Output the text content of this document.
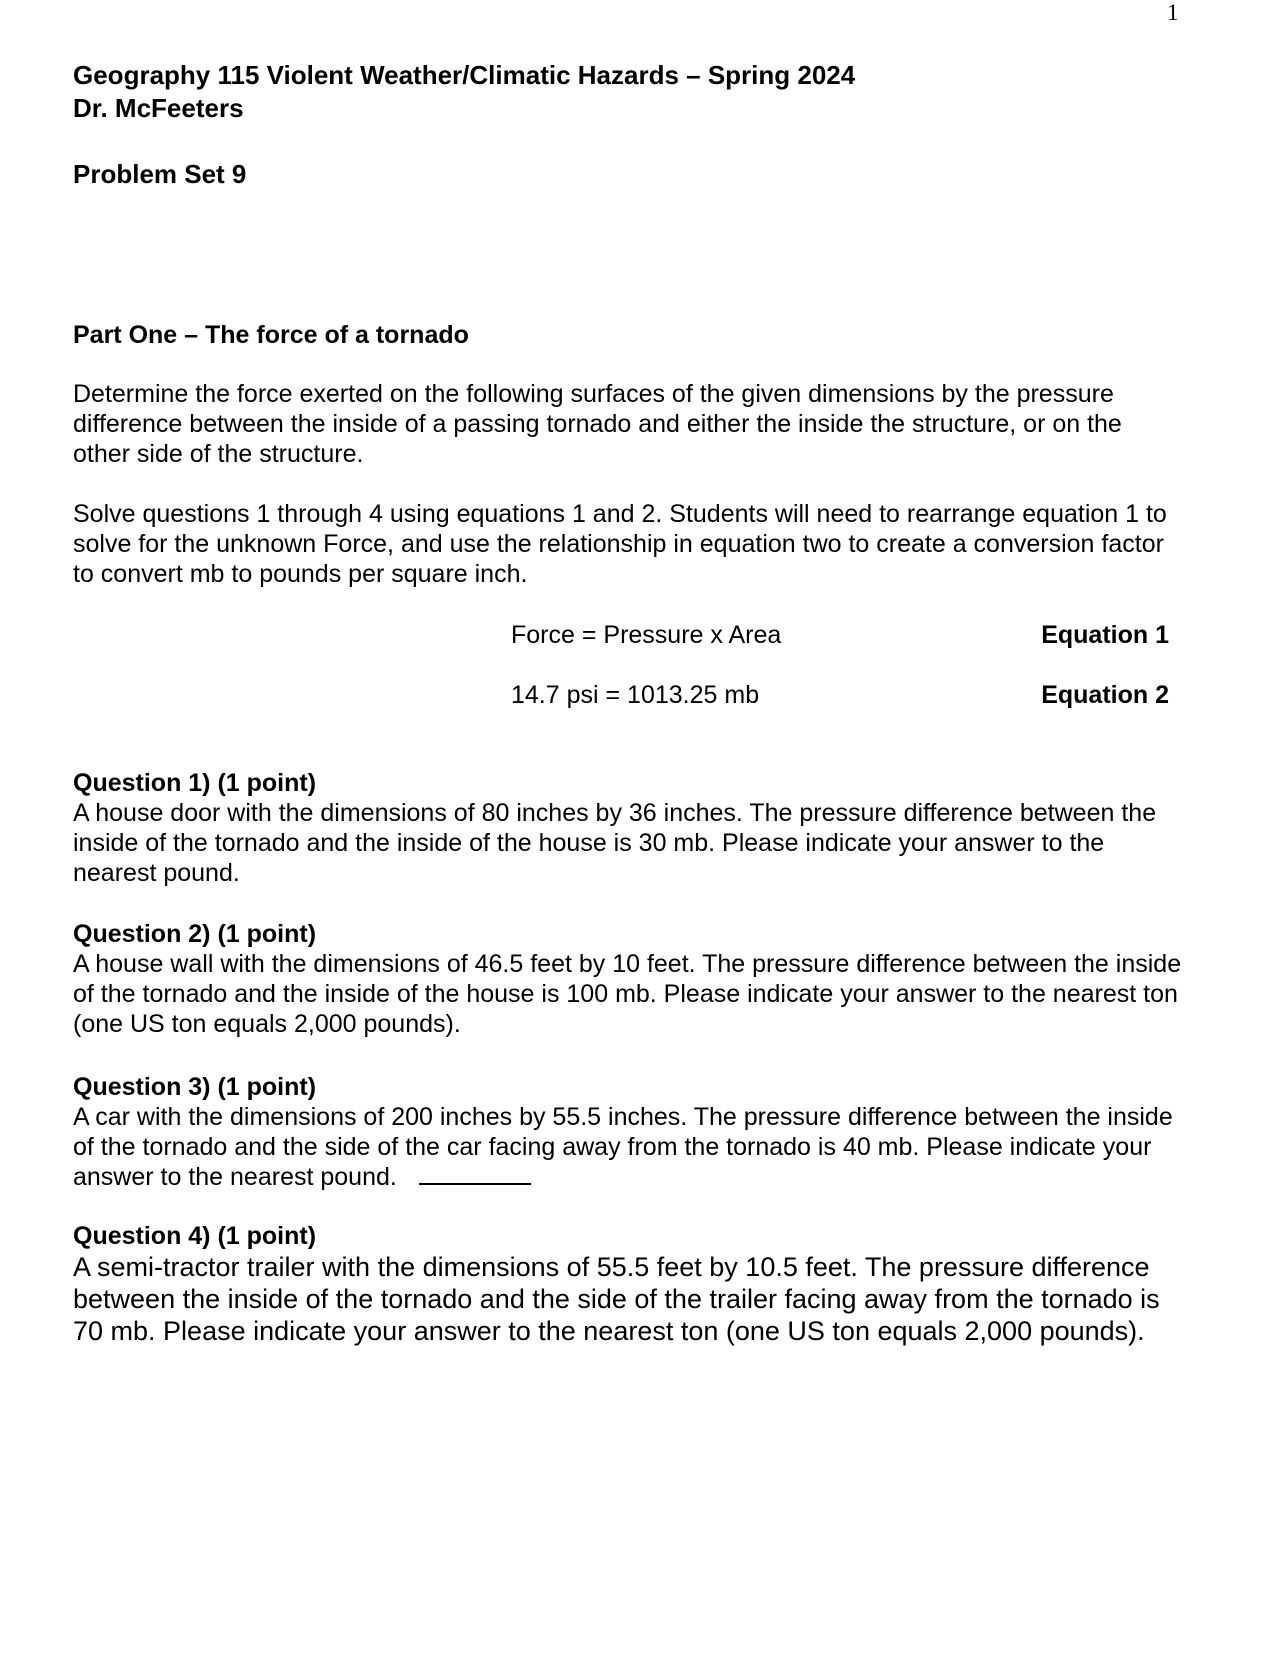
1
Geography 115 Violent Weather/Climatic Hazards – Spring 2024
Dr. McFeeters
Problem Set 9
Part One – The force of a tornado
Determine the force exerted on the following surfaces of the given dimensions by the pressure difference between the inside of a passing tornado and either the inside the structure, or on the other side of the structure.
Solve questions 1 through 4 using equations 1 and 2. Students will need to rearrange equation 1 to solve for the unknown Force, and use the relationship in equation two to create a conversion factor to convert mb to pounds per square inch.
Force = Pressure x Area	Equation 1
14.7 psi = 1013.25 mb	Equation 2
Question 1) (1 point)
A house door with the dimensions of 80 inches by 36 inches. The pressure difference between the inside of the tornado and the inside of the house is 30 mb. Please indicate your answer to the nearest pound.
Question 2) (1 point)
A house wall with the dimensions of 46.5 feet by 10 feet. The pressure difference between the inside of the tornado and the inside of the house is 100 mb. Please indicate your answer to the nearest ton (one US ton equals 2,000 pounds).
Question 3) (1 point)
A car with the dimensions of 200 inches by 55.5 inches. The pressure difference between the inside of the tornado and the side of the car facing away from the tornado is 40 mb. Please indicate your answer to the nearest pound.
Question 4) (1 point)
A semi-tractor trailer with the dimensions of 55.5 feet by 10.5 feet. The pressure difference between the inside of the tornado and the side of the trailer facing away from the tornado is 70 mb. Please indicate your answer to the nearest ton (one US ton equals 2,000 pounds).
